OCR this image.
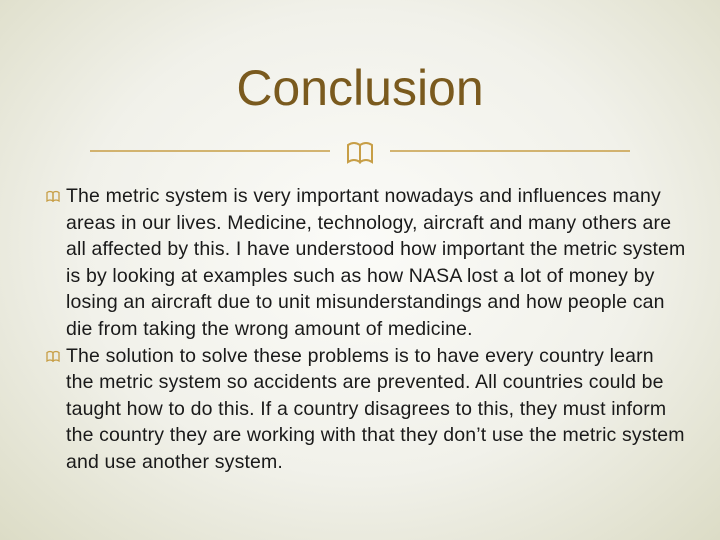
Conclusion
The metric system is very important nowadays and influences many areas in our lives. Medicine, technology, aircraft and many others are all affected by this. I have understood how important the metric system is by looking at examples such as how NASA lost a lot of money by losing an aircraft due to unit misunderstandings and how people can die from taking the wrong amount of medicine.
The solution to solve these problems is to have every country learn the metric system so accidents are prevented. All countries could be taught how to do this. If a country disagrees to this, they must inform the country they are working with that they don’t use the metric system and use another system.
